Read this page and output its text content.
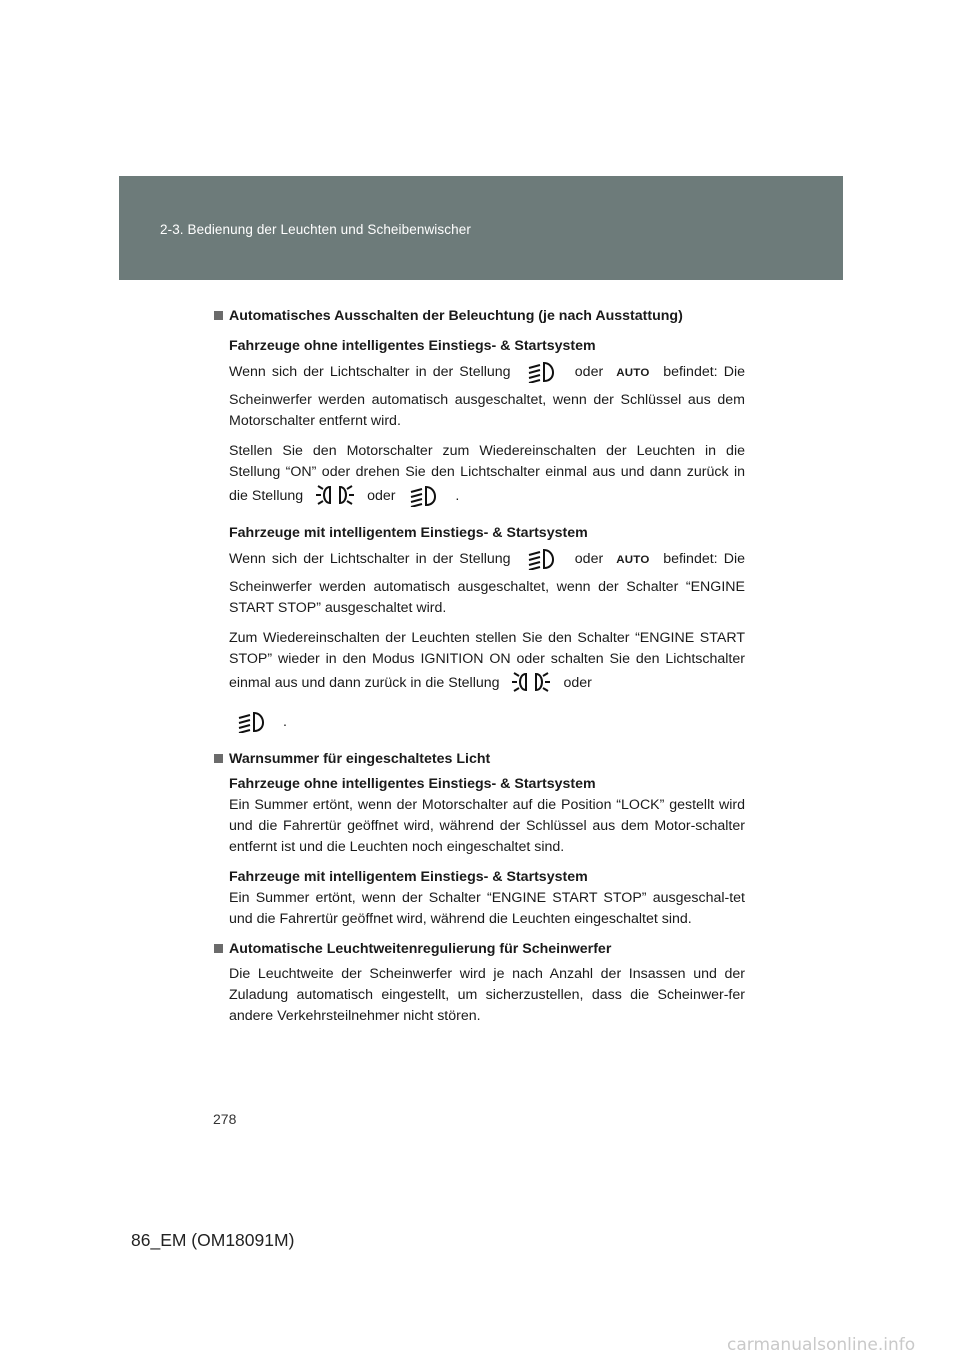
2-3. Bedienung der Leuchten und Scheibenwischer
Automatisches Ausschalten der Beleuchtung (je nach Ausstattung)
Fahrzeuge ohne intelligentes Einstiegs- & Startsystem

Wenn sich der Lichtschalter in der Stellung	oder AUTO befindet: Die Scheinwerfer werden automatisch ausgeschaltet, wenn der Schlüssel aus dem Motorschalter entfernt wird.

Stellen Sie den Motorschalter zum Wiedereinschalten der Leuchten in die Stellung “ON” oder drehen Sie den Lichtschalter einmal aus und dann zurück in die Stellung	oder	.

Fahrzeuge mit intelligentem Einstiegs- & Startsystem

Wenn sich der Lichtschalter in der Stellung	oder AUTO befindet: Die Scheinwerfer werden automatisch ausgeschaltet, wenn der Schalter “ENGINE START STOP” ausgeschaltet wird.

Zum Wiedereinschalten der Leuchten stellen Sie den Schalter “ENGINE START STOP” wieder in den Modus IGNITION ON oder schalten Sie den Lichtschalter einmal aus und dann zurück in die Stellung	oder
.

Warnsummer für eingeschaltetes Licht
Fahrzeuge ohne intelligentes Einstiegs- & Startsystem

Ein Summer ertönt, wenn der Motorschalter auf die Position “LOCK” gestellt wird und die Fahrertür geöffnet wird, während der Schlüssel aus dem Motor-schalter entfernt ist und die Leuchten noch eingeschaltet sind.

Fahrzeuge mit intelligentem Einstiegs- & Startsystem

Ein Summer ertönt, wenn der Schalter “ENGINE START STOP” ausgeschal-tet und die Fahrertür geöffnet wird, während die Leuchten eingeschaltet sind.

Automatische Leuchtweitenregulierung für Scheinwerfer

Die Leuchtweite der Scheinwerfer wird je nach Anzahl der Insassen und der Zuladung automatisch eingestellt, um sicherzustellen, dass die Scheinwer-fer andere Verkehrsteilnehmer nicht stören.

278
86_EM (OM18091M)
carmanualsonline.info
